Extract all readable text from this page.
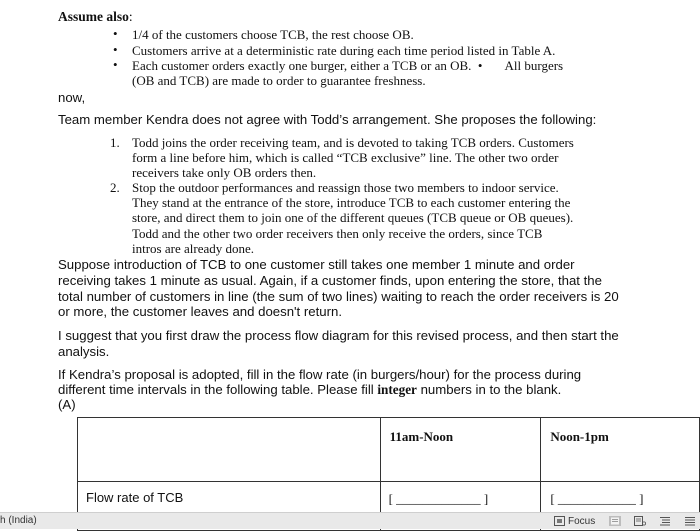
Assume also:
• 1/4 of the customers choose TCB, the rest choose OB.
• Customers arrive at a deterministic rate during each time period listed in Table A.
• Each customer orders exactly one burger, either a TCB or an OB.  •       All burgers
(OB and TCB) are made to order to guarantee freshness.
now,
Team member Kendra does not agree with Todd’s arrangement. She proposes the following:
1. Todd joins the order receiving team, and is devoted to taking TCB orders. Customers
form a line before him, which is called “TCB exclusive” line. The other two order
receivers take only OB orders then.
2. Stop the outdoor performances and reassign those two members to indoor service.
They stand at the entrance of the store, introduce TCB to each customer entering the
store, and direct them to join one of the different queues (TCB queue or OB queues).
Todd and the other two order receivers then only receive the orders, since TCB
intros are already done.
Suppose introduction of TCB to one customer still takes one member 1 minute and order
receiving takes 1 minute as usual. Again, if a customer finds, upon entering the store, that the
total number of customers in line (the sum of two lines) waiting to reach the order receivers is 20
or more, the customer leaves and doesn't return.
I suggest that you first draw the process flow diagram for this revised process, and then start the
analysis.
If Kendra’s proposal is adopted, fill in the flow rate (in burgers/hour) for the process during
different time intervals in the following table. Please fill integer numbers in to the blank.
(A)
	11am-Noon	Noon-1pm
Flow rate of TCB	[ _____________ ]	[ ____________ ]
h (India)	Focus
